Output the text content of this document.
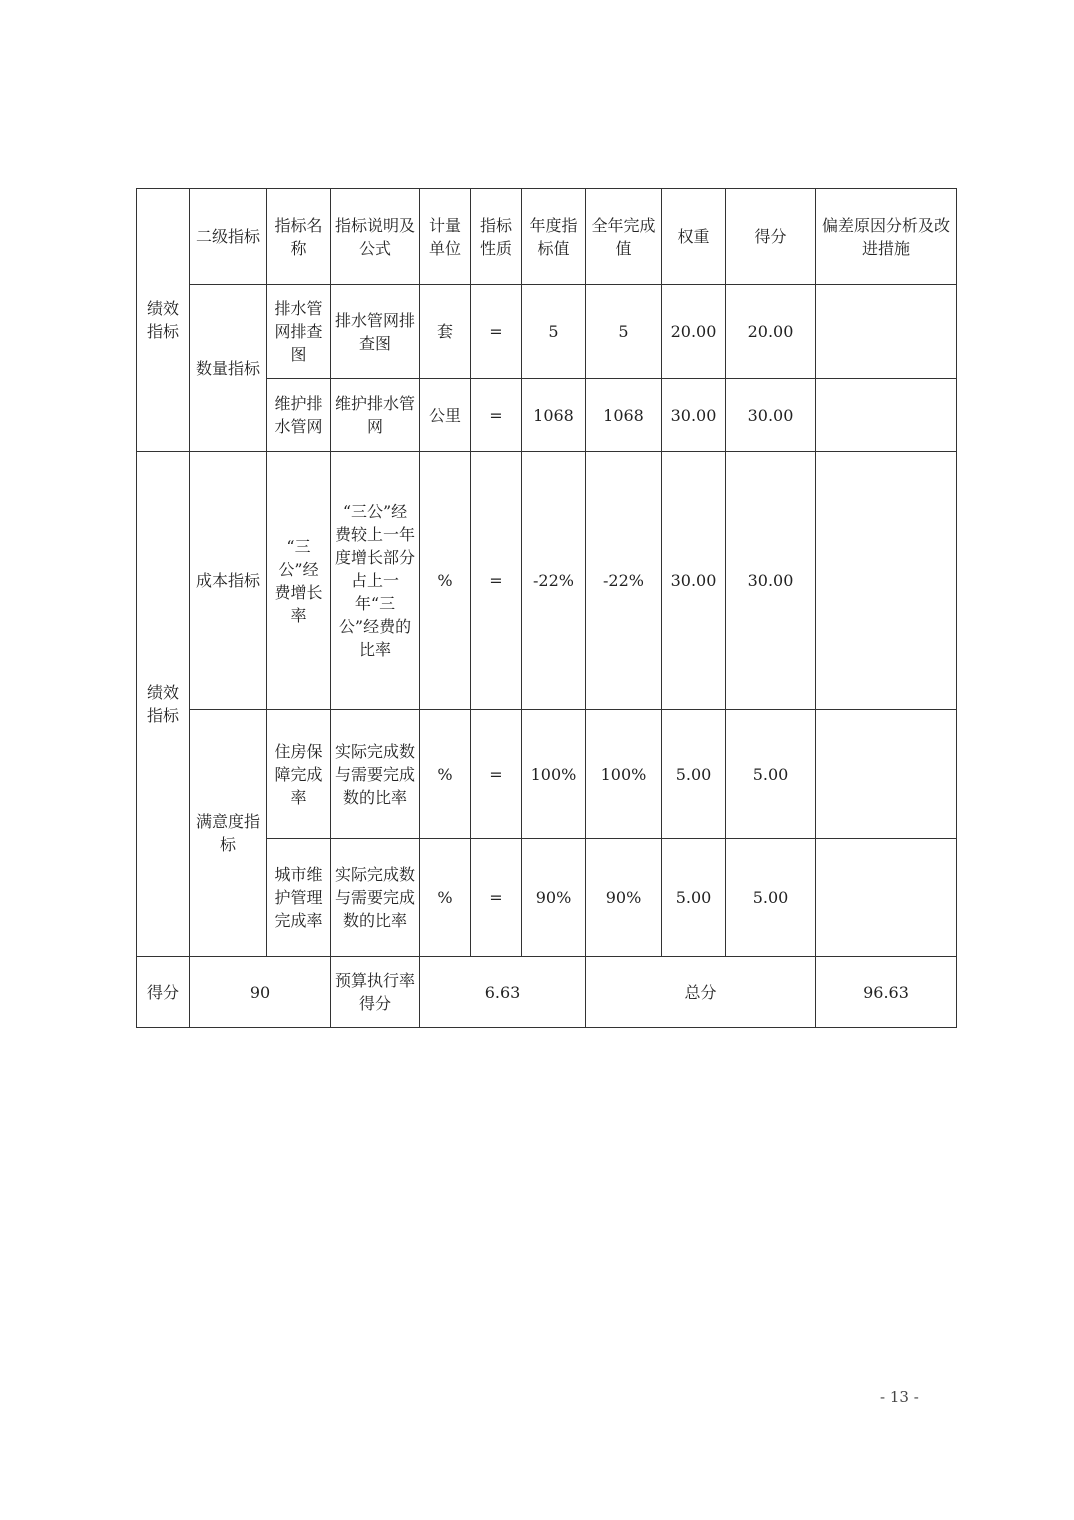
绩效指标	二级指标	指标名称	指标说明及公式	计量单位	指标性质	年度指标值	全年完成值	权重	得分	偏差原因分析及改进措施
	数量指标	排水管网排查图	排水管网排查图	套	=	5	5	20.00	20.00	
		维护排水管网	维护排水管网	公里	=	1068	1068	30.00	30.00	
绩效指标	成本指标	“三公”经费增长率	“三公”经费较上一年度增长部分占上一年“三公”经费的比率	%	=	-22%	-22%	30.00	30.00	
	满意度指标	住房保障完成率	实际完成数与需要完成数的比率	%	=	100%	100%	5.00	5.00	
		城市维护管理完成率	实际完成数与需要完成数的比率	%	=	90%	90%	5.00	5.00	
得分	90		预算执行率得分	6.63			总分			96.63
- 13 -
